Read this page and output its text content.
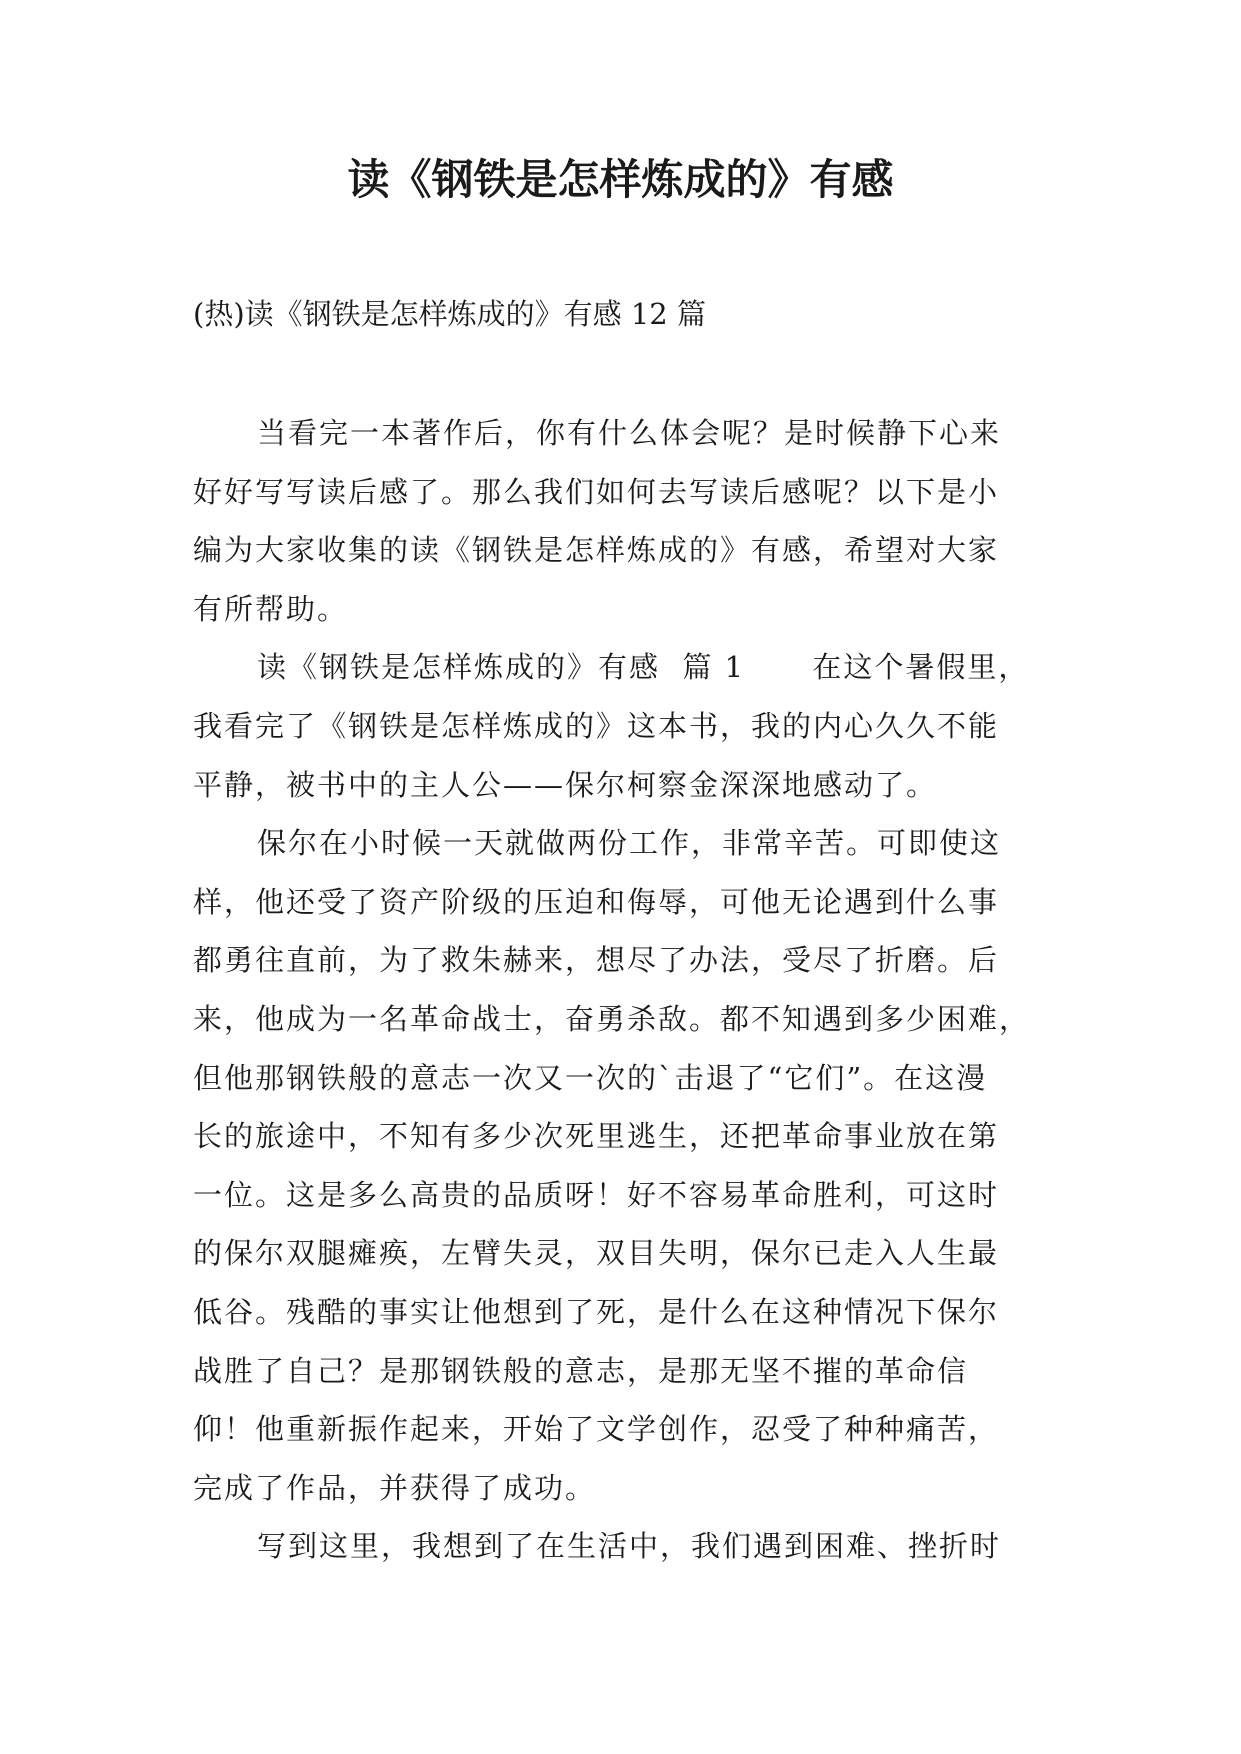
读《钢铁是怎样炼成的》有感

(热)读《钢铁是怎样炼成的》有感 12 篇

当看完一本著作后，你有什么体会呢？是时候静下心来
好好写写读后感了。那么我们如何去写读后感呢？以下是小
编为大家收集的读《钢铁是怎样炼成的》有感，希望对大家
有所帮助。
读《钢铁是怎样炼成的》有感  篇 1      在这个暑假里，
我看完了《钢铁是怎样炼成的》这本书，我的内心久久不能
平静，被书中的主人公——保尔柯察金深深地感动了。
保尔在小时候一天就做两份工作，非常辛苦。可即使这
样，他还受了资产阶级的压迫和侮辱，可他无论遇到什么事
都勇往直前，为了救朱赫来，想尽了办法，受尽了折磨。后
来，他成为一名革命战士，奋勇杀敌。都不知遇到多少困难，
但他那钢铁般的意志一次又一次的`击退了“它们”。在这漫
长的旅途中，不知有多少次死里逃生，还把革命事业放在第
一位。这是多么高贵的品质呀！好不容易革命胜利，可这时
的保尔双腿瘫痪，左臂失灵，双目失明，保尔已走入人生最
低谷。残酷的事实让他想到了死，是什么在这种情况下保尔
战胜了自己？是那钢铁般的意志，是那无坚不摧的革命信
仰！他重新振作起来，开始了文学创作，忍受了种种痛苦，
完成了作品，并获得了成功。
写到这里，我想到了在生活中，我们遇到困难、挫折时
